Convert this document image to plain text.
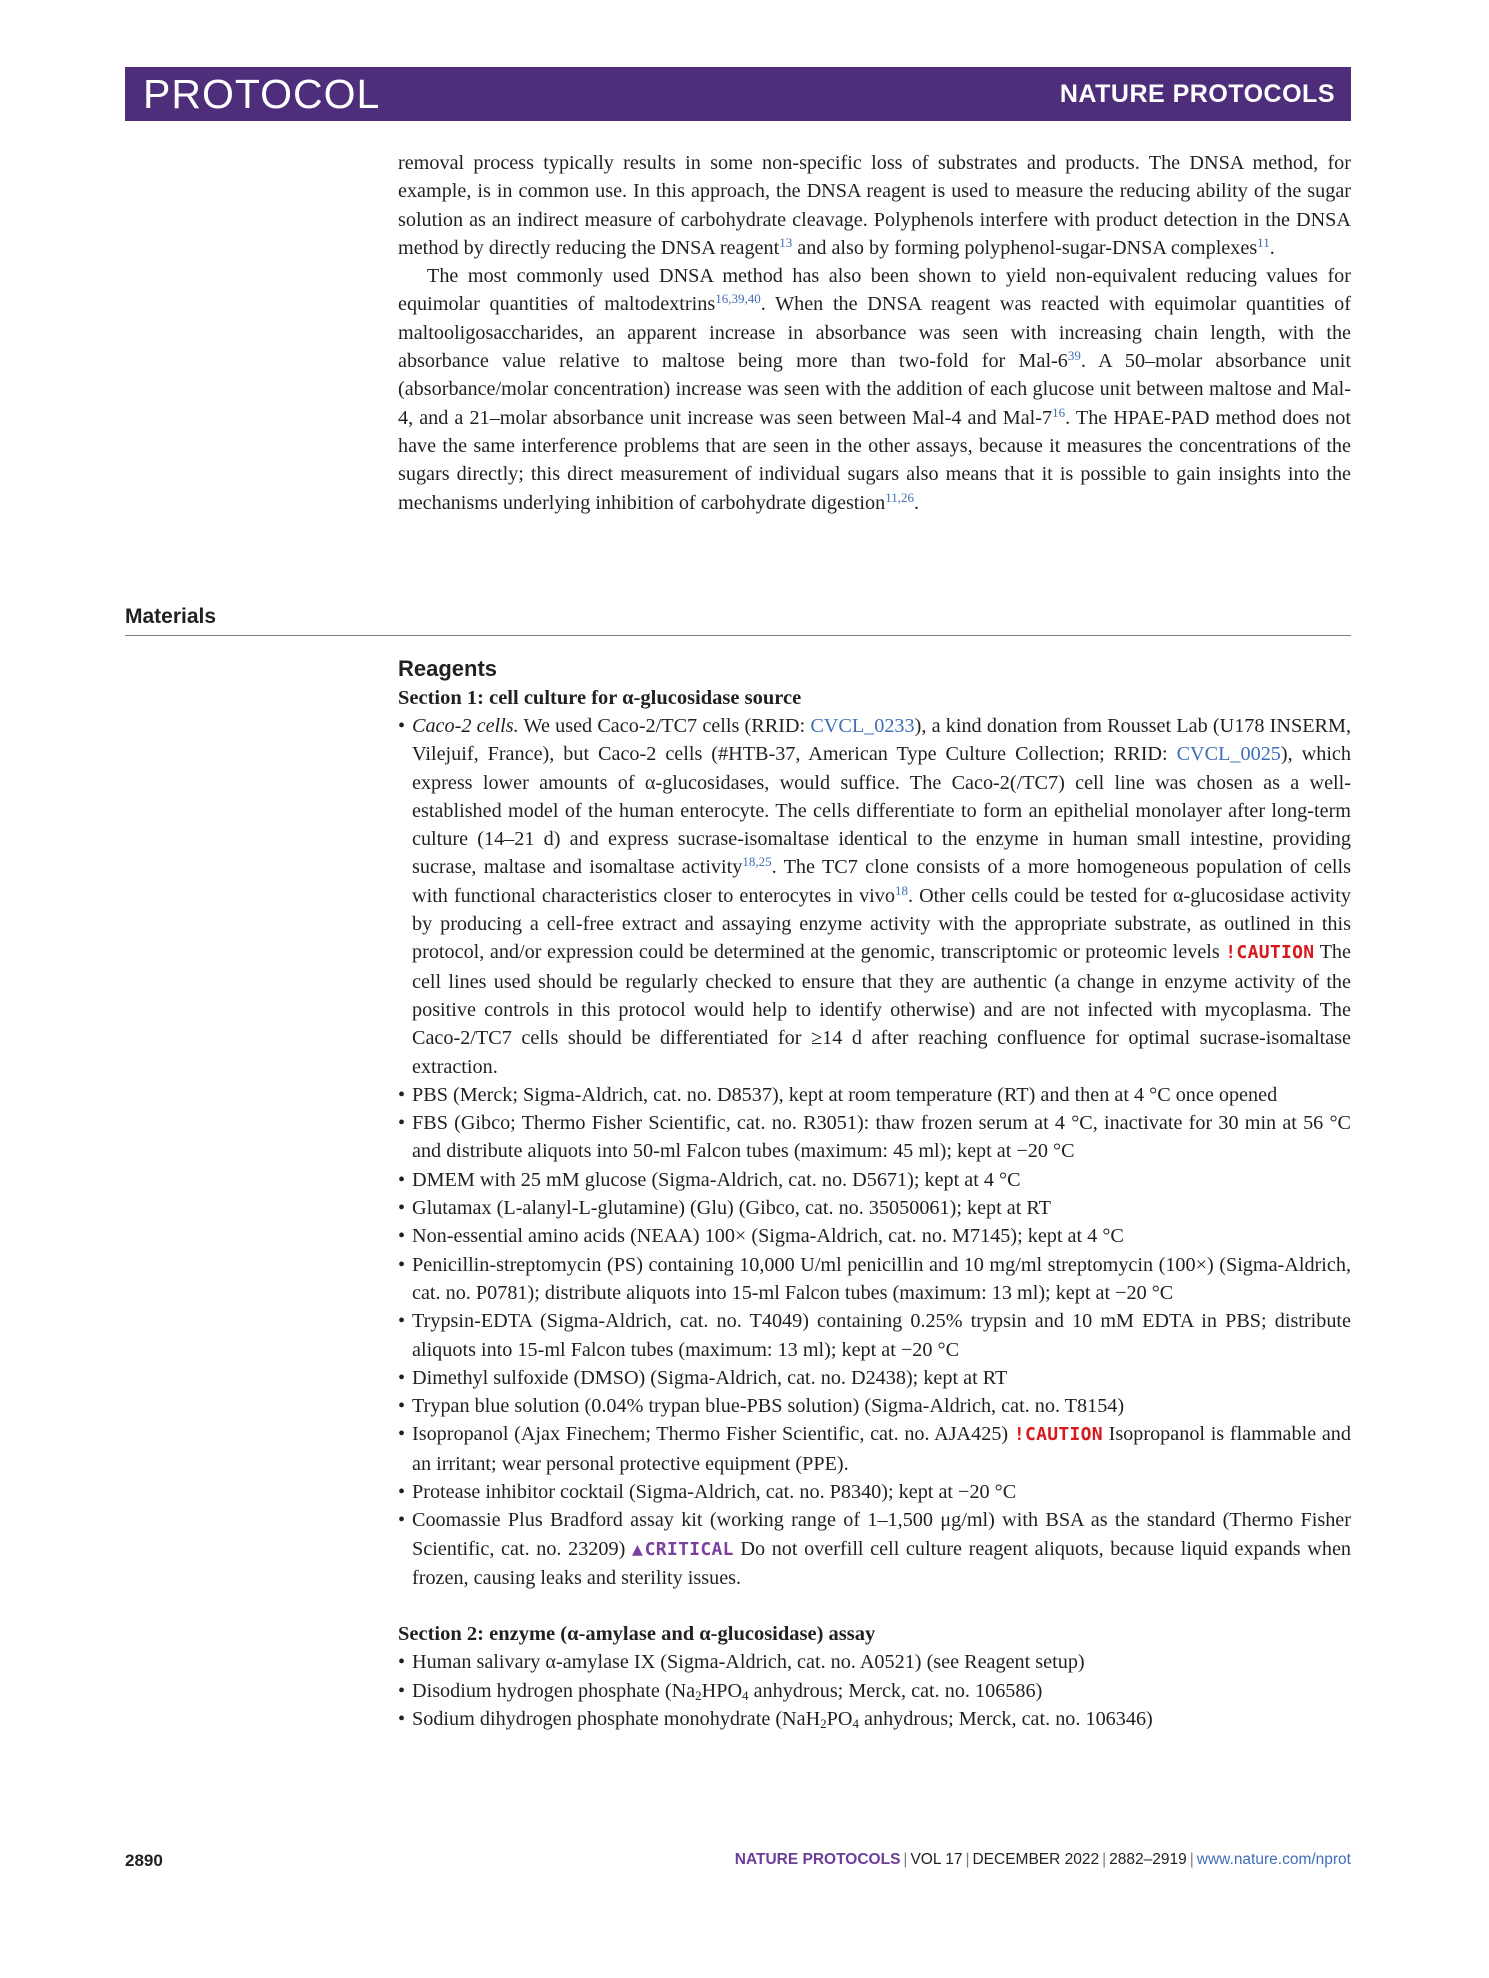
PROTOCOL	NATURE PROTOCOLS

removal process typically results in some non-specific loss of substrates and products. The DNSA method, for example, is in common use. In this approach, the DNSA reagent is used to measure the reducing ability of the sugar solution as an indirect measure of carbohydrate cleavage. Polyphenols interfere with product detection in the DNSA method by directly reducing the DNSA reagent$^{13}$ and also by forming polyphenol-sugar-DNSA complexes$^{11}$.

The most commonly used DNSA method has also been shown to yield non-equivalent reducing values for equimolar quantities of maltodextrins$^{16,39,40}$. When the DNSA reagent was reacted with equimolar quantities of maltooligosaccharides, an apparent increase in absorbance was seen with increasing chain length, with the absorbance value relative to maltose being more than two-fold for Mal-6$^{39}$. A 50–molar absorbance unit (absorbance/molar concentration) increase was seen with the addition of each glucose unit between maltose and Mal-4, and a 21–molar absorbance unit increase was seen between Mal-4 and Mal-7$^{16}$. The HPAE-PAD method does not have the same interference problems that are seen in the other assays, because it measures the concentrations of the sugars directly; this direct measurement of individual sugars also means that it is possible to gain insights into the mechanisms underlying inhibition of carbohydrate digestion$^{11,26}$.

Materials
Reagents
Section 1: cell culture for α-glucosidase source
• Caco-2 cells. We used Caco-2/TC7 cells (RRID: CVCL_0233), a kind donation from Rousset Lab (U178 INSERM, Vilejuif, France), but Caco-2 cells (#HTB-37, American Type Culture Collection; RRID: CVCL_0025), which express lower amounts of α-glucosidases, would suffice. The Caco-2(/TC7) cell line was chosen as a well-established model of the human enterocyte. The cells differentiate to form an epithelial monolayer after long-term culture (14–21 d) and express sucrase-isomaltase identical to the enzyme in human small intestine, providing sucrase, maltase and isomaltase activity$^{18,25}$. The TC7 clone consists of a more homogeneous population of cells with functional characteristics closer to enterocytes in vivo$^{18}$. Other cells could be tested for α-glucosidase activity by producing a cell-free extract and assaying enzyme activity with the appropriate substrate, as outlined in this protocol, and/or expression could be determined at the genomic, transcriptomic or proteomic levels !CAUTION The cell lines used should be regularly checked to ensure that they are authentic (a change in enzyme activity of the positive controls in this protocol would help to identify otherwise) and are not infected with mycoplasma. The Caco-2/TC7 cells should be differentiated for ≥14 d after reaching confluence for optimal sucrase-isomaltase extraction.
• PBS (Merck; Sigma-Aldrich, cat. no. D8537), kept at room temperature (RT) and then at 4 °C once opened
• FBS (Gibco; Thermo Fisher Scientific, cat. no. R3051): thaw frozen serum at 4 °C, inactivate for 30 min at 56 °C and distribute aliquots into 50-ml Falcon tubes (maximum: 45 ml); kept at −20 °C
• DMEM with 25 mM glucose (Sigma-Aldrich, cat. no. D5671); kept at 4 °C
• Glutamax (L-alanyl-L-glutamine) (Glu) (Gibco, cat. no. 35050061); kept at RT
• Non-essential amino acids (NEAA) 100× (Sigma-Aldrich, cat. no. M7145); kept at 4 °C
• Penicillin-streptomycin (PS) containing 10,000 U/ml penicillin and 10 mg/ml streptomycin (100×) (Sigma-Aldrich, cat. no. P0781); distribute aliquots into 15-ml Falcon tubes (maximum: 13 ml); kept at −20 °C
• Trypsin-EDTA (Sigma-Aldrich, cat. no. T4049) containing 0.25% trypsin and 10 mM EDTA in PBS; distribute aliquots into 15-ml Falcon tubes (maximum: 13 ml); kept at −20 °C
• Dimethyl sulfoxide (DMSO) (Sigma-Aldrich, cat. no. D2438); kept at RT
• Trypan blue solution (0.04% trypan blue-PBS solution) (Sigma-Aldrich, cat. no. T8154)
• Isopropanol (Ajax Finechem; Thermo Fisher Scientific, cat. no. AJA425) !CAUTION Isopropanol is flammable and an irritant; wear personal protective equipment (PPE).
• Protease inhibitor cocktail (Sigma-Aldrich, cat. no. P8340); kept at −20 °C
• Coomassie Plus Bradford assay kit (working range of 1–1,500 μg/ml) with BSA as the standard (Thermo Fisher Scientific, cat. no. 23209) ▲CRITICAL Do not overfill cell culture reagent aliquots, because liquid expands when frozen, causing leaks and sterility issues.
Section 2: enzyme (α-amylase and α-glucosidase) assay
• Human salivary α-amylase IX (Sigma-Aldrich, cat. no. A0521) (see Reagent setup)
• Disodium hydrogen phosphate ($Na_2HPO_4$ anhydrous; Merck, cat. no. 106586)
• Sodium dihydrogen phosphate monohydrate ($NaH_2PO_4$ anhydrous; Merck, cat. no. 106346)
2890	NATURE PROTOCOLS | VOL 17 | DECEMBER 2022 | 2882–2919 | www.nature.com/nprot
